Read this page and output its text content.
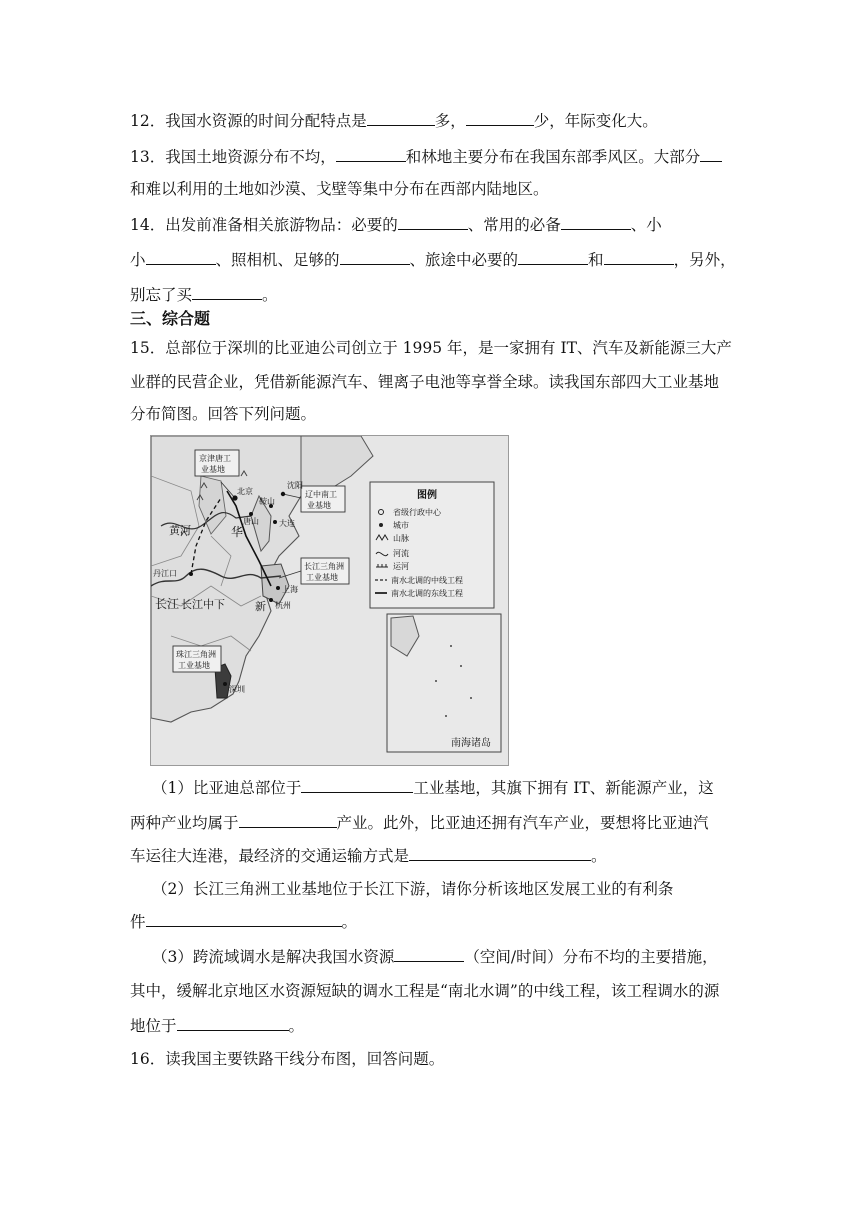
12．我国水资源的时间分配特点是	多，	少，年际变化大。
13．我国土地资源分布不均，	和林地主要分布在我国东部季风区。大部分
和难以利用的土地如沙漠、戈壁等集中分布在西部内陆地区。
14．出发前准备相关旅游物品：必要的	、常用的必备	、小
小	、照相机、足够的	、旅途中必要的	和	，另外，
别忘了买	。
三、综合题
15．总部位于深圳的比亚迪公司创立于 1995 年，是一家拥有 IT、汽车及新能源三大产
业群的民营企业，凭借新能源汽车、锂离子电池等享誉全球。读我国东部四大工业基地
分布简图。回答下列问题。
京津唐工
业基地
辽中南工
业基地
长江三角洲
工业基地
珠江三角洲
工业基地
沈阳
鞍山
北京
唐山	大连
上海
杭州
深圳
丹江口
黄河
长江 长江中下	新
华
图例
省级行政中心
城市
山脉
河流
运河
南水北调的中线工程
南水北调的东线工程
南海诸岛
（1）比亚迪总部位于	工业基地，其旗下拥有 IT、新能源产业，这
两种产业均属于	产业。此外，比亚迪还拥有汽车产业，要想将比亚迪汽
车运往大连港，最经济的交通运输方式是	。
（2）长江三角洲工业基地位于长江下游，请你分析该地区发展工业的有利条
件	。
（3）跨流域调水是解决我国水资源	（空间/时间）分布不均的主要措施，
其中，缓解北京地区水资源短缺的调水工程是“南北水调”的中线工程，该工程调水的源
地位于	。
16．读我国主要铁路干线分布图，回答问题。
